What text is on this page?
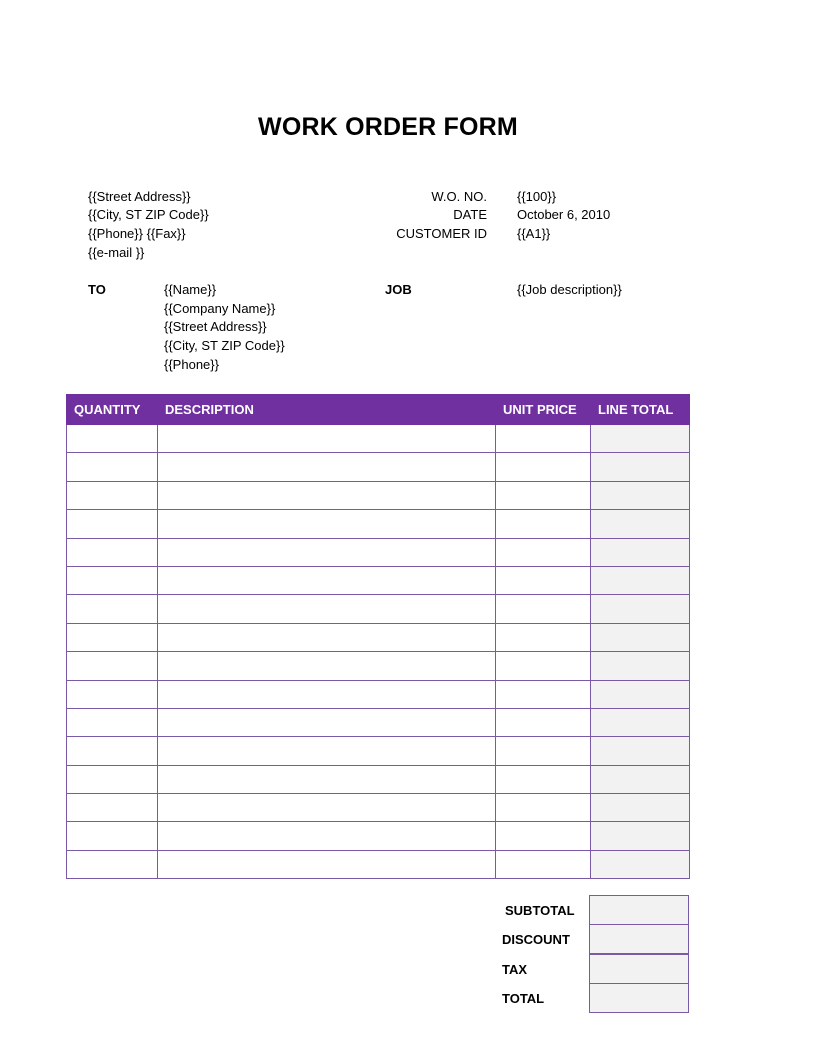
WORK ORDER FORM
{{Street Address}}
{{City, ST ZIP Code}}
{{Phone}} {{Fax}}
{{e-mail }}
W.O. NO. {{100}}
DATE October 6, 2010
CUSTOMER ID {{A1}}
TO	{{Name}}
{{Company Name}}
{{Street Address}}
{{City, ST ZIP Code}}
{{Phone}}
JOB	{{Job description}}
QUANTITY	DESCRIPTION	UNIT PRICE	LINE TOTAL

SUBTOTAL
DISCOUNT
TAX
TOTAL
